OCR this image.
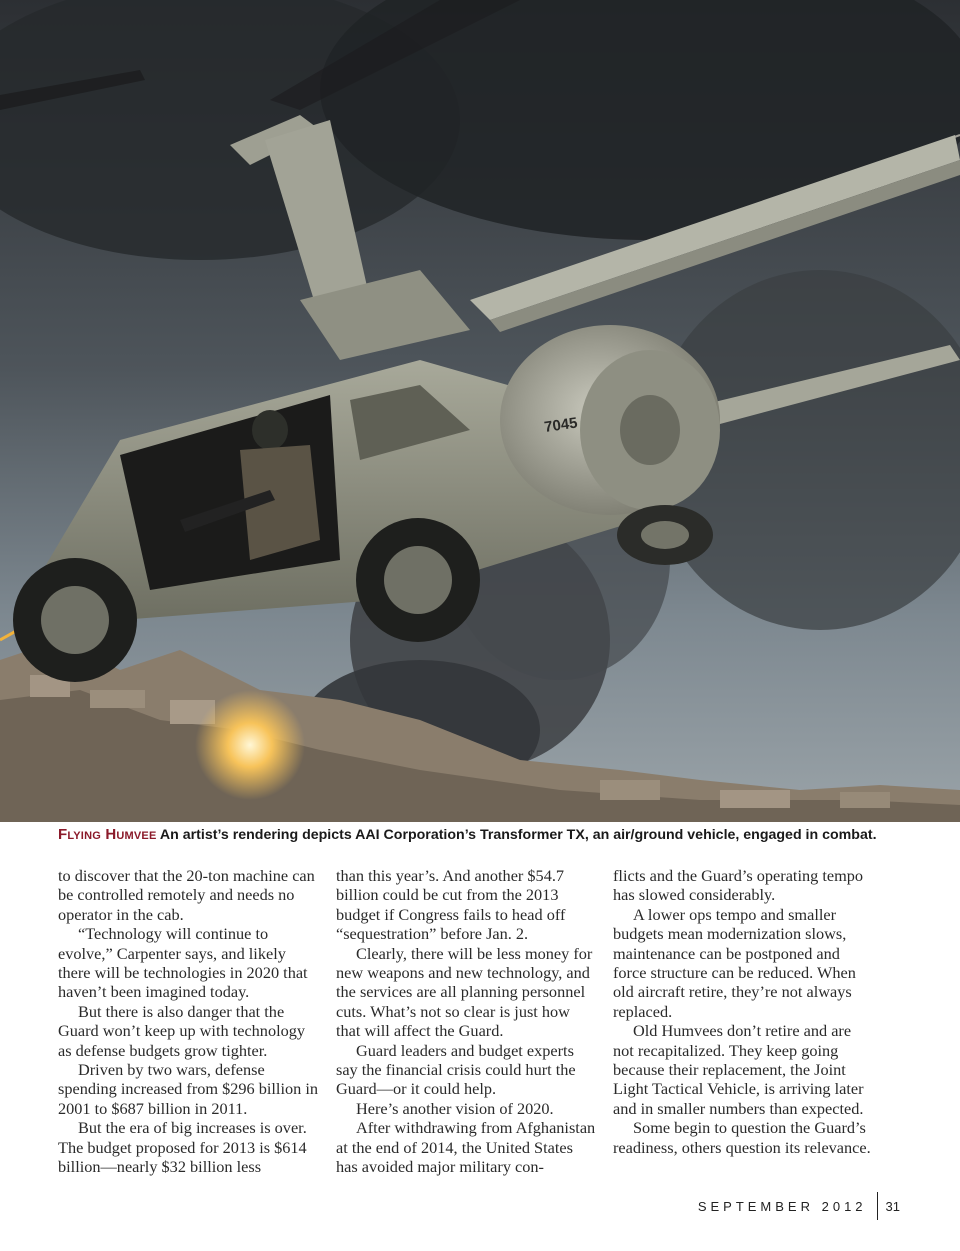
7045
Flying Humvee An artist’s rendering depicts AAI Corporation’s Transformer TX, an air/ground vehicle, engaged in combat.

to discover that the 20-ton machine can be controlled remotely and needs no operator in the cab.

“Technology will continue to evolve,” Carpenter says, and likely there will be technologies in 2020 that haven’t been imagined today.

But there is also danger that the Guard won’t keep up with technology as defense budgets grow tighter.

Driven by two wars, defense spending increased from $296 billion in 2001 to $687 billion in 2011.

But the era of big increases is over. The budget proposed for 2013 is $614 billion—nearly $32 billion less

than this year’s. And another $54.7 billion could be cut from the 2013 budget if Congress fails to head off “sequestration” before Jan. 2.

Clearly, there will be less money for new weapons and new technology, and the services are all planning personnel cuts. What’s not so clear is just how that will affect the Guard.

Guard leaders and budget experts say the financial crisis could hurt the Guard—or it could help.

Here’s another vision of 2020.

After withdrawing from Afghanistan at the end of 2014, the United States has avoided major military con-

flicts and the Guard’s operating tempo has slowed considerably.

A lower ops tempo and smaller budgets mean modernization slows, maintenance can be postponed and force structure can be reduced. When old aircraft retire, they’re not always replaced.

Old Humvees don’t retire and are not recapitalized. They keep going because their replacement, the Joint Light Tactical Vehicle, is arriving later and in smaller numbers than expected.

Some begin to question the Guard’s readiness, others question its relevance.

SEPTEMBER 2012 31
